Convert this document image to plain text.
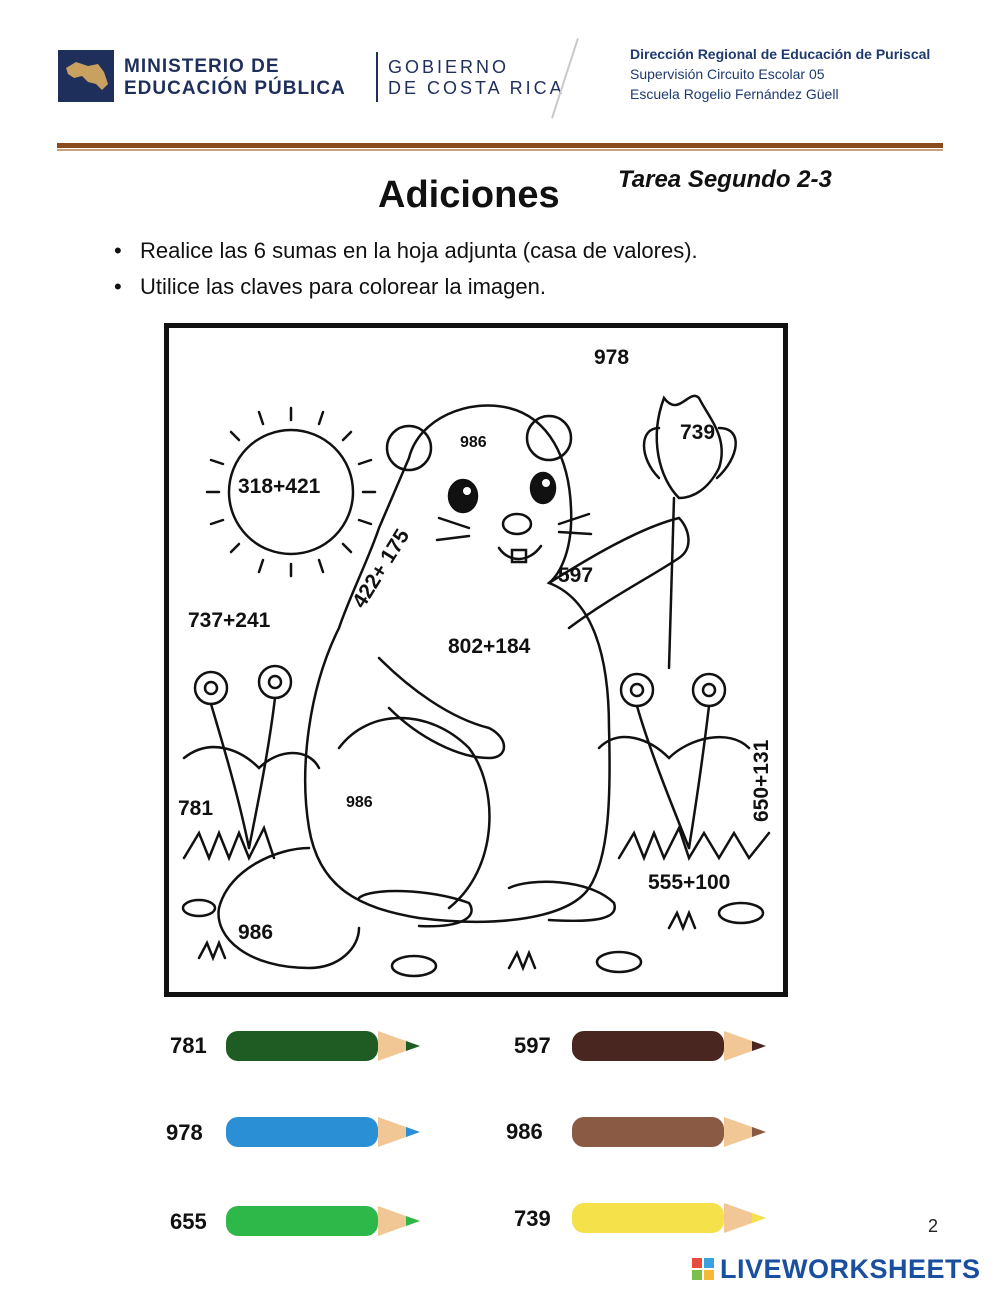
MINISTERIO DE
EDUCACIÓN PÚBLICA
GOBIERNO
DE COSTA RICA
Dirección Regional de Educación de Puriscal
Supervisión Circuito Escolar 05
Escuela Rogelio Fernández Güell
Adiciones Tarea Segundo 2-3
• Realice las 6 sumas en la hoja adjunta (casa de valores).
• Utilice las claves para colorear la imagen.
978
318+421
739
986
597
422+ 175
802+184
737+241
781	986	650+131
555+100
986
781	597
978	986
655	739	2
LIVEWORKSHEETS
